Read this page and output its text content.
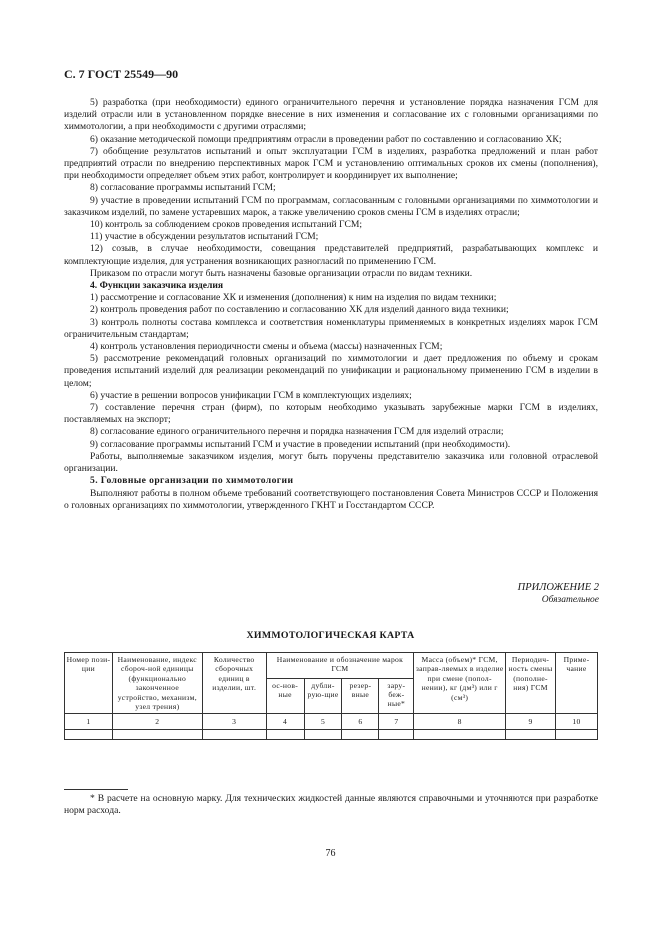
С. 7 ГОСТ 25549—90

5) разработка (при необходимости) единого ограничительного перечня и установление порядка назначения ГСМ для изделий отрасли или в установленном порядке внесение в них изменения и согласование их с головными организациями по химмотологии, а при необходимости с другими отраслями;

6) оказание методической помощи предприятиям отрасли в проведении работ по составлению и согласованию ХК;

7) обобщение результатов испытаний и опыт эксплуатации ГСМ в изделиях, разработка предложений и план работ предприятий отрасли по внедрению перспективных марок ГСМ и установлению оптимальных сроков их смены (пополнения), при необходимости определяет объем этих работ, контролирует и координирует их выполнение;

8) согласование программы испытаний ГСМ;

9) участие в проведении испытаний ГСМ по программам, согласованным с головными организациями по химмотологии и заказчиком изделий, по замене устаревших марок, а также увеличению сроков смены ГСМ в изделиях отрасли;

10) контроль за соблюдением сроков проведения испытаний ГСМ;

11) участие в обсуждении результатов испытаний ГСМ;

12) созыв, в случае необходимости, совещания представителей предприятий, разрабатывающих комплекс и комплектующие изделия, для устранения возникающих разногласий по применению ГСМ.

Приказом по отрасли могут быть назначены базовые организации отрасли по видам техники.

4. Функции заказчика изделия

1) рассмотрение и согласование ХК и изменения (дополнения) к ним на изделия по видам техники;

2) контроль проведения работ по составлению и согласованию ХК для изделий данного вида техники;

3) контроль полноты состава комплекса и соответствия номенклатуры применяемых в конкретных изделиях марок ГСМ ограничительным стандартам;

4) контроль установления периодичности смены и объема (массы) назначенных ГСМ;

5) рассмотрение рекомендаций головных организаций по химмотологии и дает предложения по объему и срокам проведения испытаний изделий для реализации рекомендаций по унификации и рациональному применению ГСМ в изделии в целом;

6) участие в решении вопросов унификации ГСМ в комплектующих изделиях;

7) составление перечня стран (фирм), по которым необходимо указывать зарубежные марки ГСМ в изделиях, поставляемых на экспорт;

8) согласование единого ограничительного перечня и порядка назначения ГСМ для изделий отрасли;

9) согласование программы испытаний ГСМ и участие в проведении испытаний (при необходимости).

Работы, выполняемые заказчиком изделия, могут быть поручены представителю заказчика или головной отраслевой организации.

5. Головные организации по химмотологии

Выполняют работы в полном объеме требований соответствующего постановления Совета Министров СССР и Положения о головных организациях по химмотологии, утвержденного ГКНТ и Госстандартом СССР.

ПРИЛОЖЕНИЕ 2
Обязательное
ХИММОТОЛОГИЧЕСКАЯ КАРТА
Номер пози-ции	Наименование, индекс сбороч-ной единицы (функционально законченное устройство, механизм, узел трения)	Количество сборочных единиц в изделии, шт.	Наименование и обозначение марок ГСМ				Масса (объем)* ГСМ, заправ-ляемых в изделие при смене (попол-нении), кг (дм³) или г (см³)	Периодич-ность смены (пополне-ния) ГСМ	Приме-чание
			ос-нов-ные	дубли-рую-щие	резер-вные	зару-беж-ные*			
1	2	3	4	5	6	7	8	9	10

* В расчете на основную марку. Для технических жидкостей данные являются справочными и уточняются при разработке норм расхода.

76
